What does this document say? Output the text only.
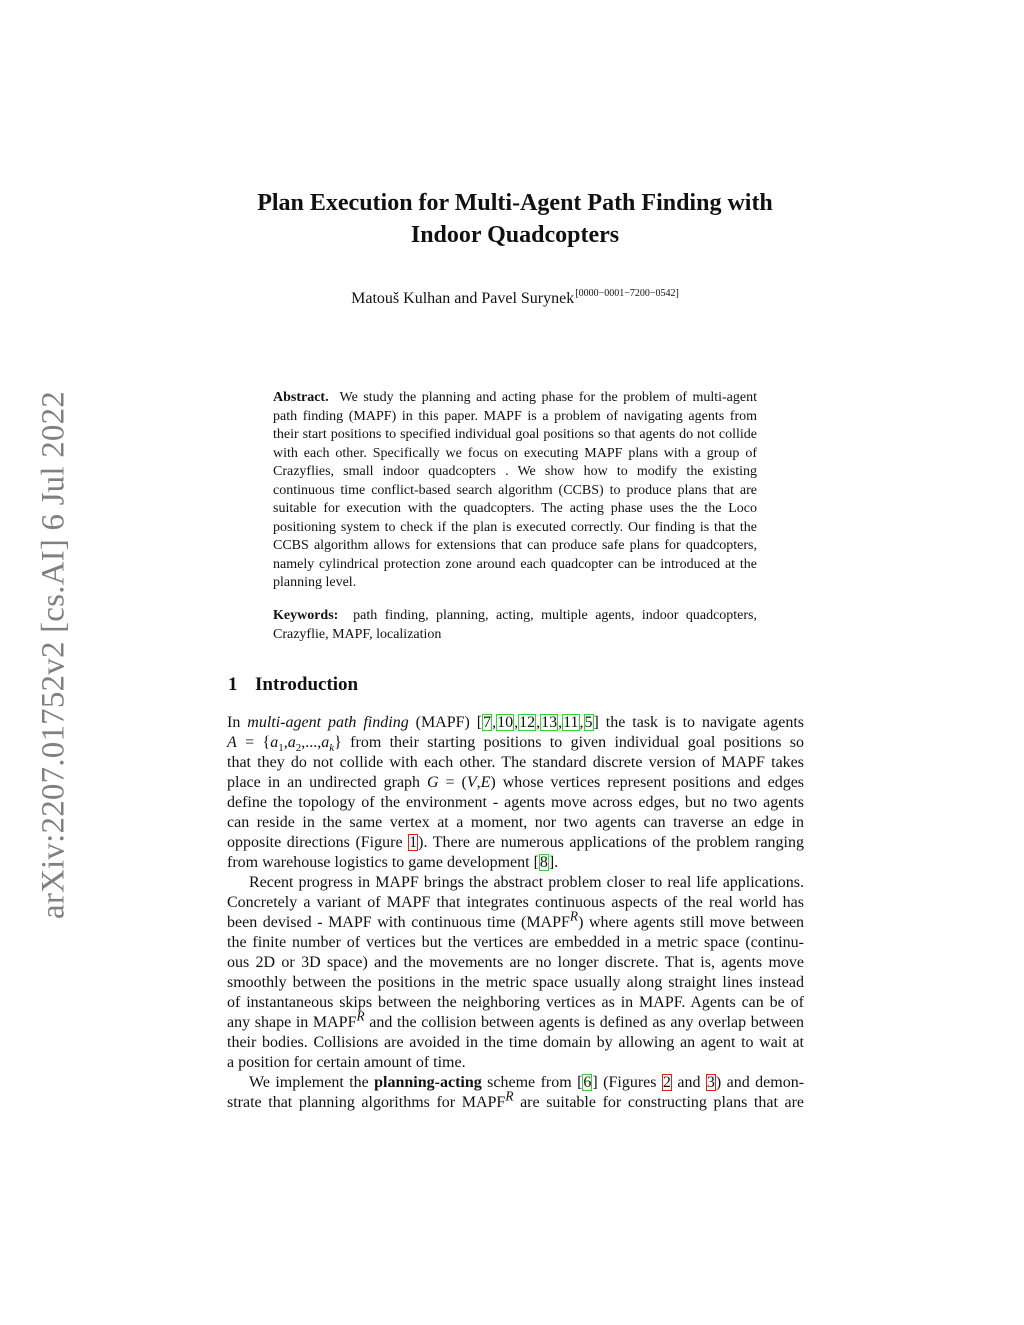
arXiv:2207.01752v2 [cs.AI] 6 Jul 2022
Plan Execution for Multi-Agent Path Finding with
Indoor Quadcopters
Matouš Kulhan and Pavel Surynek[0000−0001−7200−0542]
Abstract. We study the planning and acting phase for the problem of multi-agent path finding (MAPF) in this paper. MAPF is a problem of navigating agents from their start positions to specified individual goal positions so that agents do not collide with each other. Specifically we focus on executing MAPF plans with a group of Crazyflies, small indoor quadcopters . We show how to modify the existing continuous time conflict-based search algorithm (CCBS) to produce plans that are suitable for execution with the quadcopters. The acting phase uses the the Loco positioning system to check if the plan is executed correctly. Our finding is that the CCBS algorithm allows for extensions that can produce safe plans for quadcopters, namely cylindrical protection zone around each quadcopter can be introduced at the planning level.
Keywords: path finding, planning, acting, multiple agents, indoor quadcopters, Crazyflie, MAPF, localization
1 Introduction

In multi-agent path finding (MAPF) [7,10,12,13,11,5] the task is to navigate agents
$A = \{a_1,a_2,...,a_k\}$ from their starting positions to given individual goal positions so
that they do not collide with each other. The standard discrete version of MAPF takes
place in an undirected graph G = (V,E) whose vertices represent positions and edges
define the topology of the environment - agents move across edges, but no two agents
can reside in the same vertex at a moment, nor two agents can traverse an edge in
opposite directions (Figure 1). There are numerous applications of the problem ranging
from warehouse logistics to game development [8].

Recent progress in MAPF brings the abstract problem closer to real life applications.
Concretely a variant of MAPF that integrates continuous aspects of the real world has
been devised - MAPF with continuous time $(MAPF^R)$ where agents still move between
the finite number of vertices but the vertices are embedded in a metric space (continu-
ous 2D or 3D space) and the movements are no longer discrete. That is, agents move
smoothly between the positions in the metric space usually along straight lines instead
of instantaneous skips between the neighboring vertices as in MAPF. Agents can be of
any shape in $MAPF^R$ and the collision between agents is defined as any overlap between
their bodies. Collisions are avoided in the time domain by allowing an agent to wait at
a position for certain amount of time.

We implement the planning-acting scheme from [6] (Figures 2 and 3) and demon-
strate that planning algorithms for $MAPF^R$ are suitable for constructing plans that are
